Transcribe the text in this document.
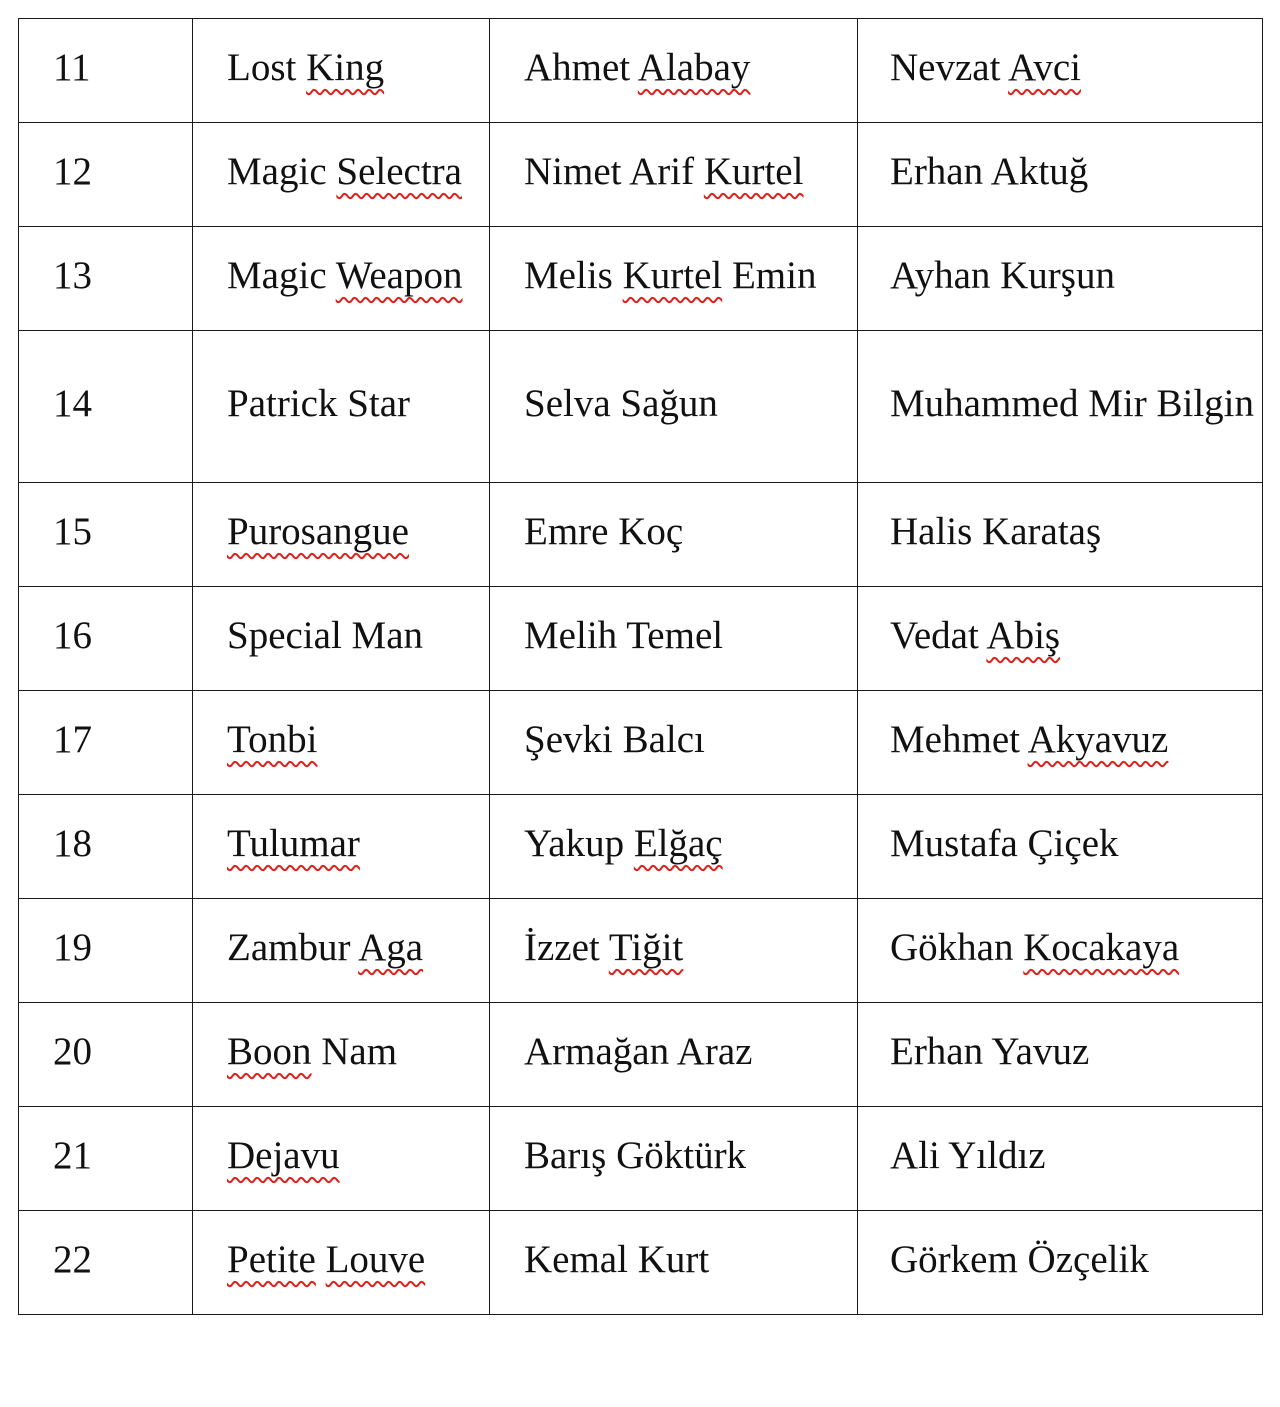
11	Lost King	Ahmet Alabay	Nevzat Avci

12	Magic Selectra	Nimet Arif Kurtel	Erhan Aktuğ

13	Magic Weapon	Melis Kurtel Emin	Ayhan Kurşun

14	Patrick Star	Selva Sağun	Muhammed Mir Bilgin

15	Purosangue	Emre Koç	Halis Karataş

16	Special Man	Melih Temel	Vedat Abiş

17	Tonbi	Şevki Balcı	Mehmet Akyavuz

18	Tulumar	Yakup Elğaç	Mustafa Çiçek

19	Zambur Aga	İzzet Tiğit	Gökhan Kocakaya

20	Boon Nam	Armağan Araz	Erhan Yavuz

21	Dejavu	Barış Göktürk	Ali Yıldız

22	Petite Louve	Kemal Kurt	Görkem Özçelik
